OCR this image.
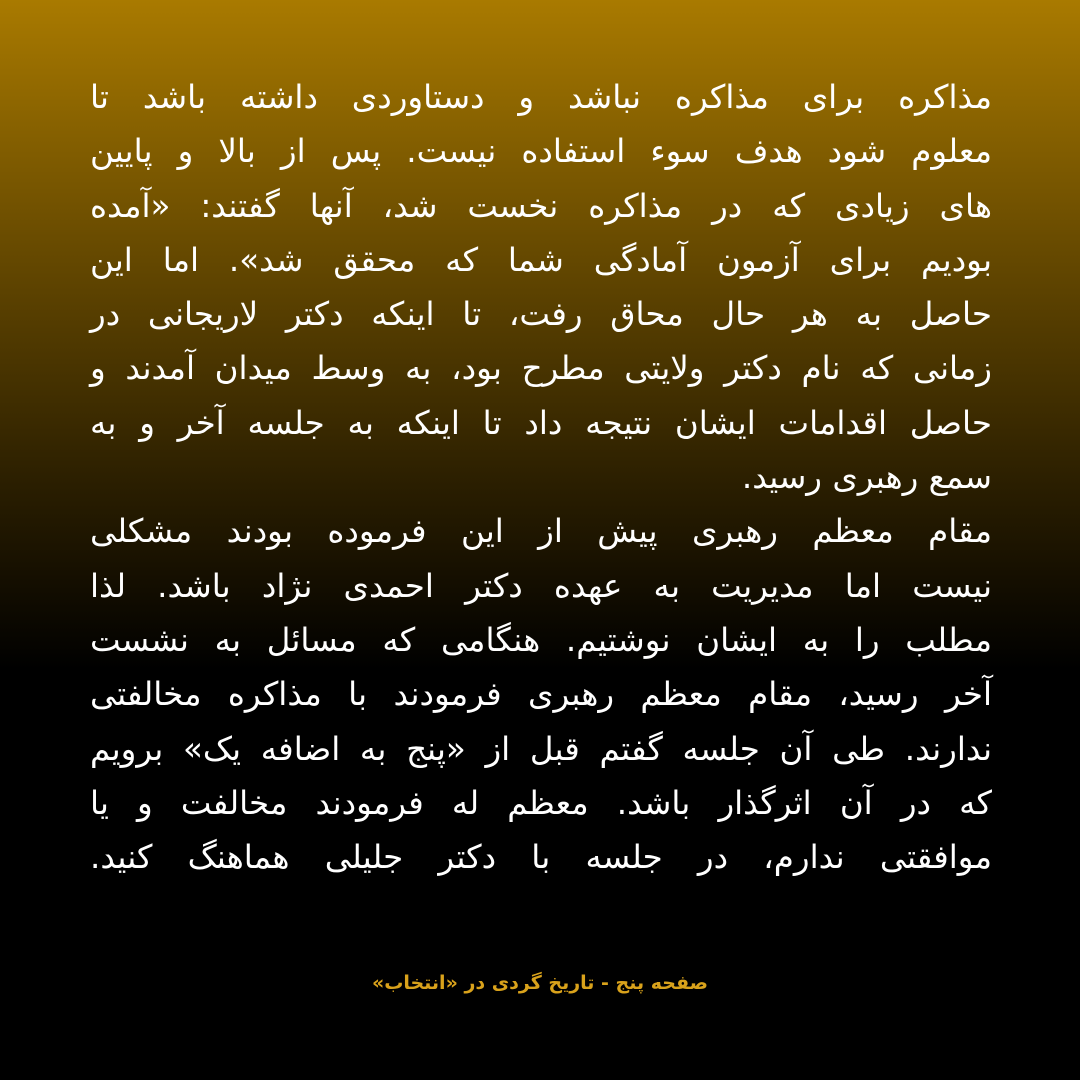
مذاکره برای مذاکره نباشد و دستاوردی داشته باشد تا
معلوم شود هدف سوء استفاده نیست. پس از بالا و پایین
های زیادی که در مذاکره نخست شد، آنها گفتند: «آمده
بودیم برای آزمون آمادگی شما که محقق شد». اما این
حاصل به هر حال محاق رفت، تا اینکه دکتر لاریجانی در
زمانی که نام دکتر ولایتی مطرح بود، به وسط میدان آمدند و
حاصل اقدامات ایشان نتیجه داد تا اینکه به جلسه آخر و به
سمع رهبری رسید.
مقام معظم رهبری پیش از این فرموده بودند مشکلی
نیست اما مدیریت به عهده دکتر احمدی نژاد باشد. لذا
مطلب را به ایشان نوشتیم. هنگامی که مسائل به نشست
آخر رسید، مقام معظم رهبری فرمودند با مذاکره مخالفتی
ندارند. طی آن جلسه گفتم قبل از «پنج به اضافه یک» برویم
که در آن اثرگذار باشد. معظم له فرمودند مخالفت و یا
موافقتی ندارم، در جلسه با دکتر جلیلی هماهنگ کنید.
صفحه پنج - تاریخ گردی در «انتخاب»
